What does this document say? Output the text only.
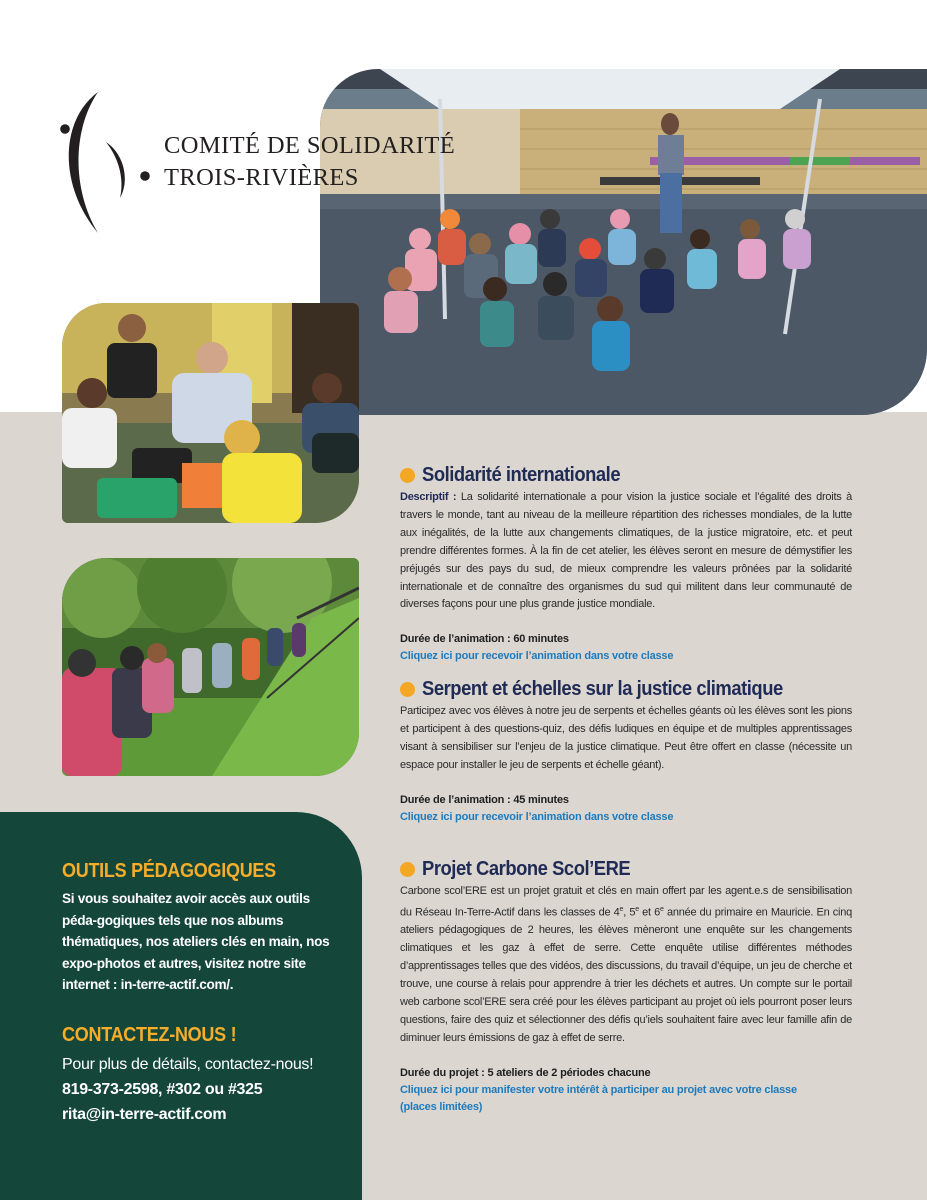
COMITÉ DE SOLIDARITÉ
TROIS-RIVIÈRES
Solidarité internationale

Descriptif : La solidarité internationale a pour vision la justice sociale et l’égalité des droits à travers le monde, tant au niveau de la meilleure répartition des richesses mondiales, de la lutte aux inégalités, de la lutte aux changements climatiques, de la justice migratoire, etc. et peut prendre différentes formes. À la fin de cet atelier, les élèves seront en mesure de démystifier les préjugés sur des pays du sud, de mieux comprendre les valeurs prônées par la solidarité internationale et de connaître des organismes du sud qui militent dans leur communauté de diverses façons pour une plus grande justice mondiale.

Durée de l’animation : 60 minutes
Cliquez ici pour recevoir l’animation dans votre classe
Serpent et échelles sur la justice climatique

Participez avec vos élèves à notre jeu de serpents et échelles géants où les élèves sont les pions et participent à des questions-quiz, des défis ludiques en équipe et de multiples apprentissages visant à sensibiliser sur l’enjeu de la justice climatique. Peut être offert en classe (nécessite un espace pour installer le jeu de serpents et échelle géant).

Durée de l’animation : 45 minutes
Cliquez ici pour recevoir l’animation dans votre classe
Projet Carbone Scol’ERE

Carbone scol’ERE est un projet gratuit et clés en main offert par les agent.e.s de sensibilisation du Réseau In-Terre-Actif dans les classes de 4e, 5e et 6e année du primaire en Mauricie. En cinq ateliers pédagogiques de 2 heures, les élèves mèneront une enquête sur les changements climatiques et les gaz à effet de serre. Cette enquête utilise différentes méthodes d’apprentissages telles que des vidéos, des discussions, du travail d’équipe, un jeu de cherche et trouve, une course à relais pour apprendre à trier les déchets et autres. Un compte sur le portail web carbone scol’ERE sera créé pour les élèves participant au projet où iels pourront poser leurs questions, faire des quiz et sélectionner des défis qu’iels souhaitent faire avec leur famille afin de diminuer leurs émissions de gaz à effet de serre.

Durée du projet : 5 ateliers de 2 périodes chacune
Cliquez ici pour manifester votre intérêt à participer au projet avec votre classe
(places limitées)
OUTILS PÉDAGOGIQUES
Si vous souhaitez avoir accès aux outils péda-gogiques tels que nos albums thématiques, nos ateliers clés en main, nos expo-photos et autres, visitez notre site internet : in-terre-actif.com/.
CONTACTEZ-NOUS !
Pour plus de détails, contactez-nous!
819-373-2598, #302 ou #325
rita@in-terre-actif.com
